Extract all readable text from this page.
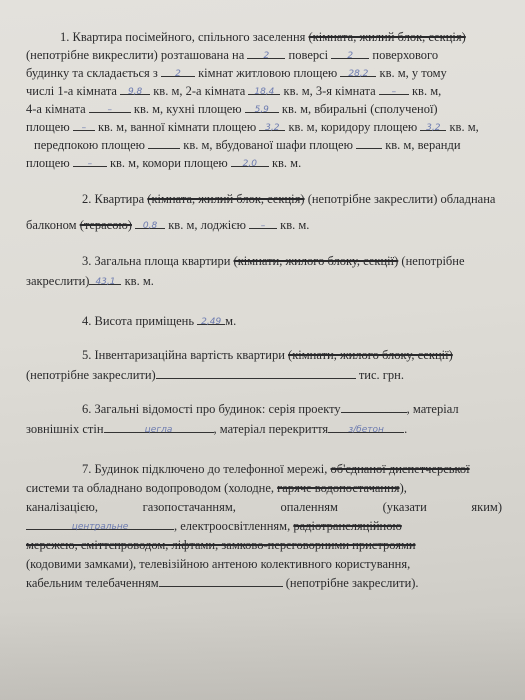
1. Квартира посімейного, спільного заселення (кімната, жилий блок, секція)
(непотрібне викреслити) розташована на 2 поверсі 2 поверхового
будинку та складається з 2 кімнат житловою площею 28,2 кв. м, у тому
числі 1-а кімната 9,8 кв. м, 2-а кімната 18,4 кв. м, 3-я кімната – кв. м,
4-а кімната – кв. м, кухні площею 5,9 кв. м, вбиральні (сполученої)
площею – кв. м, ванної кімнати площею 3,2 кв. м, коридору площею 3,2 кв. м,
передпокою площею	кв. м, вбудованої шафи площею	кв. м, веранди
площею – кв. м, комори площею 2,0 кв. м.
2. Квартира (кімната, жилий блок, секція) (непотрібне закреслити) обладнана
балконом (терасою) 0,8 кв. м, лоджією – кв. м.
3. Загальна площа квартири (кімнати, жилого блоку, секції) (непотрібне
закреслити) 43,1 кв. м.
4. Висота приміщень 2,49 м.
5. Інвентаризаційна вартість квартири (кімнати, жилого блоку, секції)
(непотрібне закреслити)	тис. грн.
6. Загальні відомості про будинок: серія проекту	, матеріал
зовнішніх стін	цегла	, матеріал перекриття з/бетон .
7. Будинок підключено до телефонної мережі, об'єднаної диспетчерської
системи та обладнано водопроводом (холодне, гаряче водопостачання),
каналізацією, газопостачанням, опаленням (указати яким)
центральне	, електроосвітленням, радіотрансляційною
мережею, сміттєпроводом, ліфтами, замково-переговорними пристроями
(кодовими замками), телевізійною антеною колективного користування,
кабельним телебаченням	(непотрібне закреслити).
